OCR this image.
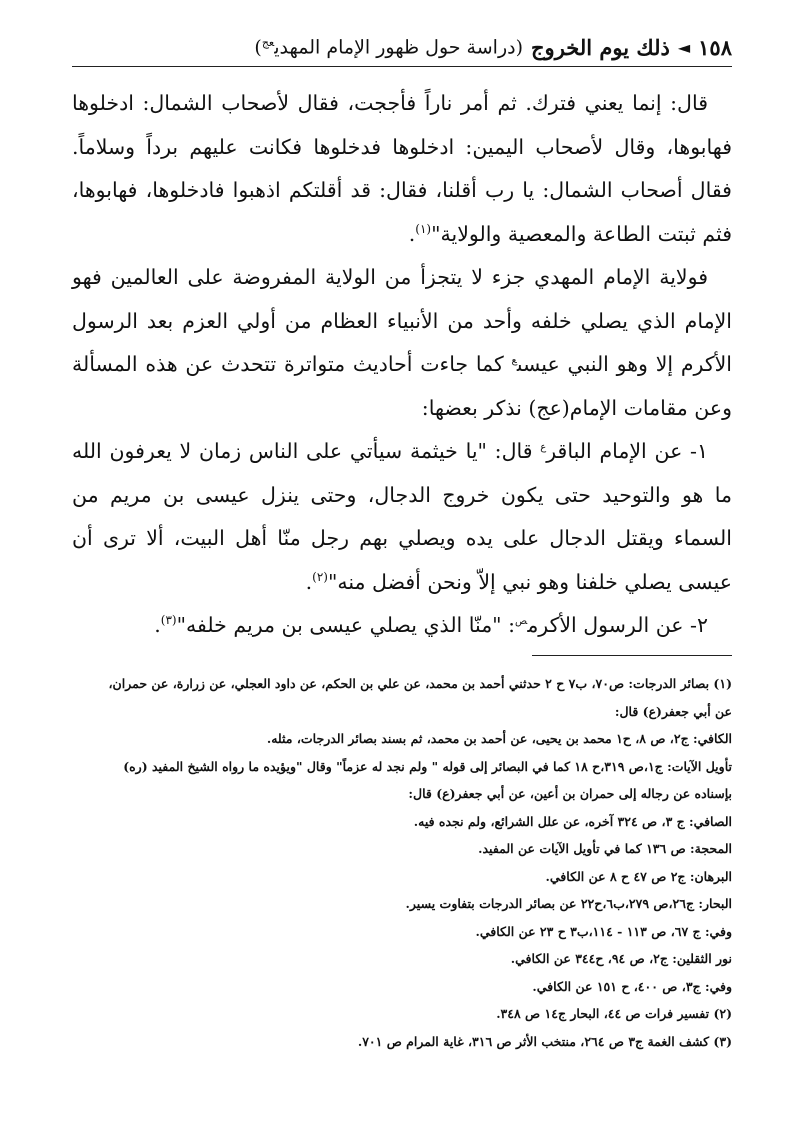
١٥٨
◄
ذلك يوم الخروج
(دراسة حول ظهور الإمام المهدي$^{عج}$)

قال: إنما يعني فترك. ثم أمر ناراً فأججت، فقال لأصحاب الشمال: ادخلوها فهابوها، وقال لأصحاب اليمين: ادخلوها فدخلوها فكانت عليهم برداً وسلاماً. فقال أصحاب الشمال: يا رب أقلنا، فقال: قد أقلتكم اذهبوا فادخلوها، فهابوها، فثم ثبتت الطاعة والمعصية والولاية"$^{(١)}$.

فولاية الإمام المهدي جزء لا يتجزأ من الولاية المفروضة على العالمين فهو الإمام الذي يصلي خلفه وأحد من الأنبياء العظام من أولي العزم بعد الرسول الأكرم إلا وهو النبي عيسى$^ع$ كما جاءت أحاديث متواترة تتحدث عن هذه المسألة وعن مقامات الإمام(عج) نذكر بعضها:

١- عن الإمام الباقر$^ع$ قال: "يا خيثمة سيأتي على الناس زمان لا يعرفون الله ما هو والتوحيد حتى يكون خروج الدجال، وحتى ينزل عيسى بن مريم من السماء ويقتل الدجال على يده ويصلي بهم رجل منّا أهل البيت، ألا ترى أن عيسى يصلي خلفنا وهو نبي إلاّ ونحن أفضل منه"$^{(٢)}$.

٢- عن الرسول الأكرم$^ص$: "منّا الذي يصلي عيسى بن مريم خلفه"$^{(٣)}$.

(١) بصائر الدرجات: ص٧٠، ب٧ ح ٢ حدثني أحمد بن محمد، عن علي بن الحكم، عن داود العجلي، عن زرارة، عن حمران،
عن أبي جعفر(ع) قال:
الكافي: ج٢، ص ٨، ح١ محمد بن يحيى، عن أحمد بن محمد، ثم بسند بصائر الدرجات، مثله.
تأويل الآيات: ج١،ص ٣١٩،ح ١٨ كما في البصائر إلى قوله " ولم نجد له عزماً" وقال "ويؤيده ما رواه الشيخ المفيد (ره)
بإسناده عن رجاله إلى حمران بن أعين، عن أبي جعفر(ع) قال:
الصافي: ج ٣، ص ٣٢٤ آخره، عن علل الشرائع، ولم نجده فيه.
المحجة: ص ١٣٦ كما في تأويل الآيات عن المفيد.
البرهان: ج٢ ص ٤٧ ح ٨ عن الكافي.
البحار: ج٢٦،ص ٢٧٩،ب٦،ح٢٢ عن بصائر الدرجات بتفاوت يسير.
وفي: ج ٦٧، ص ١١٣ - ١١٤،ب٣ ح ٢٣ عن الكافي.
نور الثقلين: ج٢، ص ٩٤، ح٣٤٤ عن الكافي.
وفي: ج٣، ص ٤٠٠، ح ١٥١ عن الكافي.
(٢) تفسير فرات ص ٤٤، البحار ج١٤ ص ٣٤٨.
(٣) كشف الغمة ج٣ ص ٢٦٤، منتخب الأثر ص ٣١٦، غاية المرام ص ٧٠١.
